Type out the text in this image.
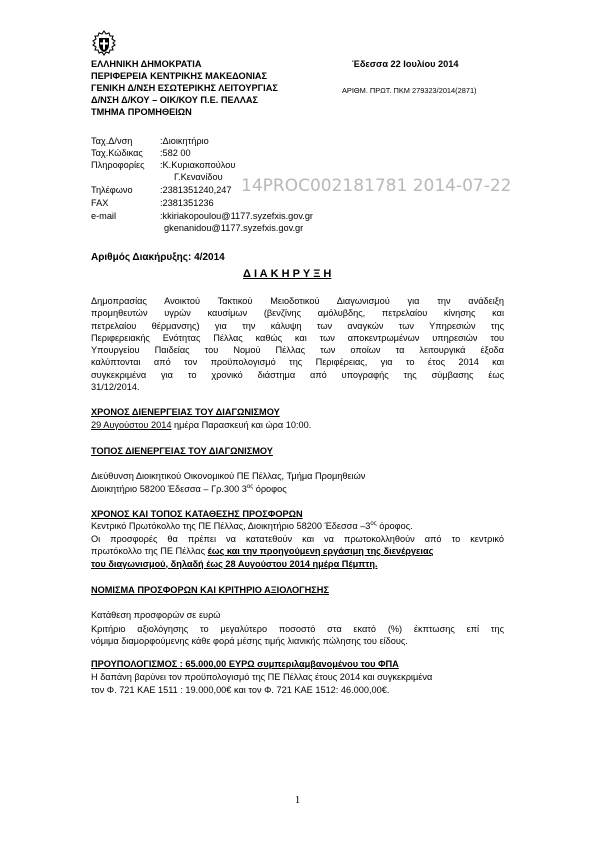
ΕΛΛΗΝΙΚΗ ΔΗΜΟΚΡΑΤΙΑ
ΠΕΡΙΦΕΡΕΙΑ ΚΕΝΤΡΙΚΗΣ ΜΑΚΕΔΟΝΙΑΣ
ΓΕΝΙΚΗ Δ/ΝΣΗ ΕΣΩΤΕΡΙΚΗΣ ΛΕΙΤΟΥΡΓΙΑΣ
Δ/ΝΣΗ Δ/ΚΟΥ – ΟΙΚ/ΚΟΥ Π.Ε. ΠΕΛΛΑΣ
ΤΜΗΜΑ ΠΡΟΜΗΘΕΙΩΝ
Έδεσσα 22 Ιουλίου 2014
ΑΡΙΘΜ. ΠΡΩΤ. ΠΚΜ 279323/2014(2871)
Ταχ.Δ/νση	:Διοικητήριο
Ταχ.Κώδικας :582 00
Πληροφορίες :Κ.Κυριακοπούλου
Γ.Κενανίδου
Τηλέφωνο	:2381351240,247
FAX	:2381351236
e-mail	:kkiriakopoulou@1177.syzefxis.gov.gr
gkenanidou@1177.syzefxis.gov.gr
14PROC002181781 2014-07-22
Αριθμός Διακήρυξης: 4/2014
Δ Ι Α Κ Η Ρ Υ Ξ Η
Δημοπρασίας Ανοικτού Τακτικού Μειοδοτικού Διαγωνισμού για την ανάδειξη
προμηθευτών υγρών καυσίμων (βενζίνης αμόλυβδης, πετρελαίου κίνησης και
πετρελαίου θέρμανσης) για την κάλυψη των αναγκών των Υπηρεσιών της
Περιφερειακής Ενότητας Πέλλας καθώς και των αποκεντρωμένων υπηρεσιών του
Υπουργείου Παιδείας του Νομού Πέλλας των οποίων τα λειτουργικά έξοδα
καλύπτονται από τον προϋπολογισμό της Περιφέρειας, για το έτος 2014 και
συγκεκριμένα για το χρονικό διάστημα από υπογραφής της σύμβασης έως
31/12/2014.
ΧΡΟΝΟΣ ΔΙΕΝΕΡΓΕΙΑΣ ΤΟΥ ΔΙΑΓΩΝΙΣΜΟΥ
29 Αυγούστου 2014 ημέρα Παρασκευή και ώρα 10:00.
ΤΟΠΟΣ ΔΙΕΝΕΡΓΕΙΑΣ ΤΟΥ ΔΙΑΓΩΝΙΣΜΟΥ
Διεύθυνση Διοικητικού Οικονομικού ΠΕ Πέλλας, Τμήμα Προμηθειών
Διοικητήριο 58200 Έδεσσα – Γρ.300 $3^{o\varsigma}$ όροφος
ΧΡΟΝΟΣ ΚΑΙ ΤΟΠΟΣ ΚΑΤΑΘΕΣΗΣ ΠΡΟΣΦΟΡΩΝ
Κεντρικό Πρωτόκολλο της ΠΕ Πέλλας, Διοικητήριο 58200 Έδεσσα $-3^{o\varsigma}$ όροφος.
Οι προσφορές θα πρέπει να κατατεθούν και να πρωτοκολληθούν από το κεντρικό
πρωτόκολλο της ΠΕ Πέλλας έως και την προηγούμενη εργάσιμη της διενέργειας
του διαγωνισμού, δηλαδή έως 28 Αυγούστου 2014 ημέρα Πέμπτη.
ΝΟΜΙΣΜΑ ΠΡΟΣΦΟΡΩΝ ΚΑΙ ΚΡΙΤΗΡΙΟ ΑΞΙΟΛΟΓΗΣΗΣ
Κατάθεση προσφορών σε ευρώ
Κριτήριο αξιολόγησης το μεγαλύτερο ποσοστό στα εκατό (%) έκπτωσης επί της
νόμιμα διαμορφούμενης κάθε φορά μέσης τιμής λιανικής πώλησης του είδους.
ΠΡΟΥΠΟΛΟΓΙΣΜΟΣ : 65.000,00 ΕΥΡΩ συμπεριλαμβανομένου του ΦΠΑ
Η δαπάνη βαρύνει τον προϋπολογισμό της ΠΕ Πέλλας έτους 2014 και συγκεκριμένα
τον Φ. 721 ΚΑΕ 1511 : 19.000,00€ και τον Φ. 721 ΚΑΕ 1512: 46.000,00€.
1
